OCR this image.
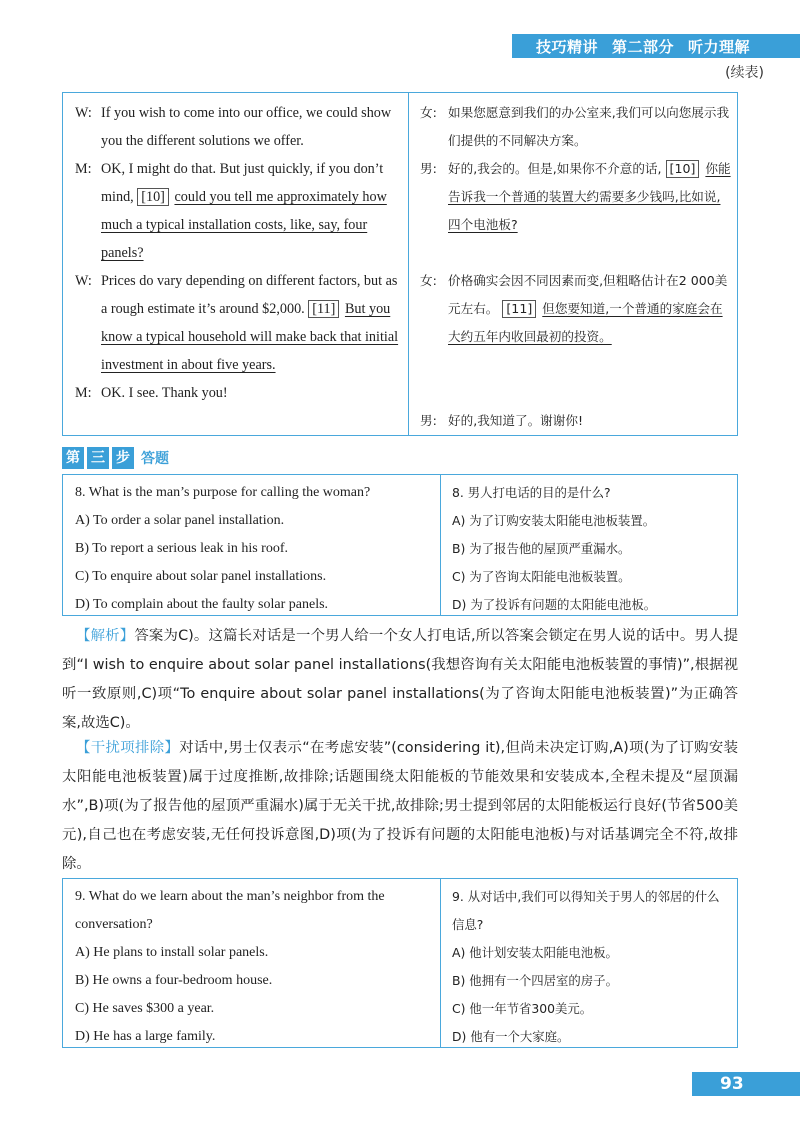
技巧精讲 第二部分 听力理解
(续表)
W: If you wish to come into our office, we could show you the different solutions we offer.
M: OK, I might do that. But just quickly, if you don’t mind, [10] could you tell me approximately how much a typical installation costs, like, say, four panels?
W: Prices do vary depending on different factors, but as a rough estimate it’s around $2,000. [11] But you know a typical household will make back that initial investment in about five years.
M: OK. I see. Thank you!
女: 如果您愿意到我们的办公室来,我们可以向您展示我们提供的不同解决方案。
男: 好的,我会的。但是,如果你不介意的话, [10] 你能告诉我一个普通的装置大约需要多少钱吗,比如说,四个电池板?
女: 价格确实会因不同因素而变,但粗略估计在2 000美元左右。 [11] 但您要知道,一个普通的家庭会在大约五年内收回最初的投资。
男: 好的,我知道了。谢谢你!
第 三 步 答题
8. What is the man’s purpose for calling the woman?
A) To order a solar panel installation.
B) To report a serious leak in his roof.
C) To enquire about solar panel installations.
D) To complain about the faulty solar panels.
8. 男人打电话的目的是什么?
A) 为了订购安装太阳能电池板装置。
B) 为了报告他的屋顶严重漏水。
C) 为了咨询太阳能电池板装置。
D) 为了投诉有问题的太阳能电池板。
【解析】答案为C)。这篇长对话是一个男人给一个女人打电话,所以答案会锁定在男人说的话中。男人提到“I wish to enquire about solar panel installations(我想咨询有关太阳能电池板装置的事情)”,根据视听一致原则,C)项“To enquire about solar panel installations(为了咨询太阳能电池板装置)”为正确答案,故选C)。
【干扰项排除】对话中,男士仅表示“在考虑安装”(considering it),但尚未决定订购,A)项(为了订购安装太阳能电池板装置)属于过度推断,故排除;话题围绕太阳能板的节能效果和安装成本,全程未提及“屋顶漏水”,B)项(为了报告他的屋顶严重漏水)属于无关干扰,故排除;男士提到邻居的太阳能板运行良好(节省500美元),自己也在考虑安装,无任何投诉意图,D)项(为了投诉有问题的太阳能电池板)与对话基调完全不符,故排除。
9. What do we learn about the man’s neighbor from the conversation?
A) He plans to install solar panels.
B) He owns a four-bedroom house.
C) He saves $300 a year.
D) He has a large family.
9. 从对话中,我们可以得知关于男人的邻居的什么信息?
A) 他计划安装太阳能电池板。
B) 他拥有一个四居室的房子。
C) 他一年节省300美元。
D) 他有一个大家庭。
93
